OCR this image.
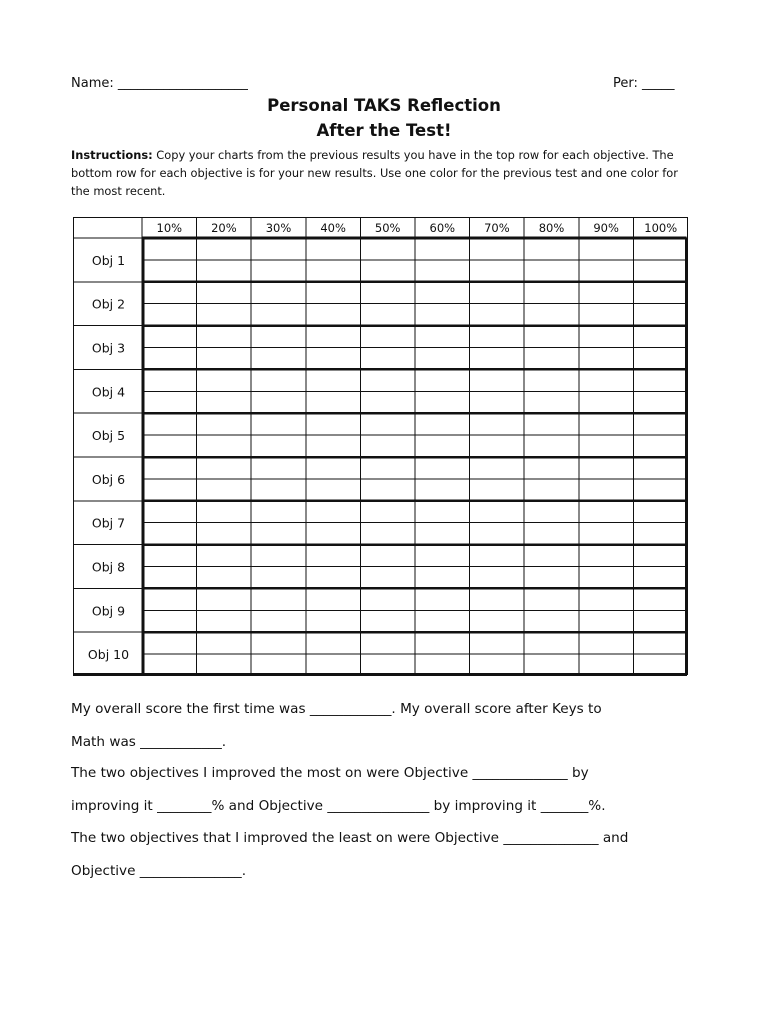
Name: ____________________	Per: _____
Personal TAKS Reflection
After the Test!
Instructions: Copy your charts from the previous results you have in the top row for each objective. The bottom row for each objective is for your new results. Use one color for the previous test and one color for the most recent.
10%	20%	30%	40%	50%	60%	70%	80%	90% 100%
Obj 1
Obj 2
Obj 3
Obj 4
Obj 5
Obj 6
Obj 7
Obj 8
Obj 9
Obj 10
My overall score the first time was ____________. My overall score after Keys to
Math was ____________.
The two objectives I improved the most on were Objective ______________ by
improving it ________% and Objective _______________ by improving it _______%.
The two objectives that I improved the least on were Objective ______________ and
Objective _______________.
